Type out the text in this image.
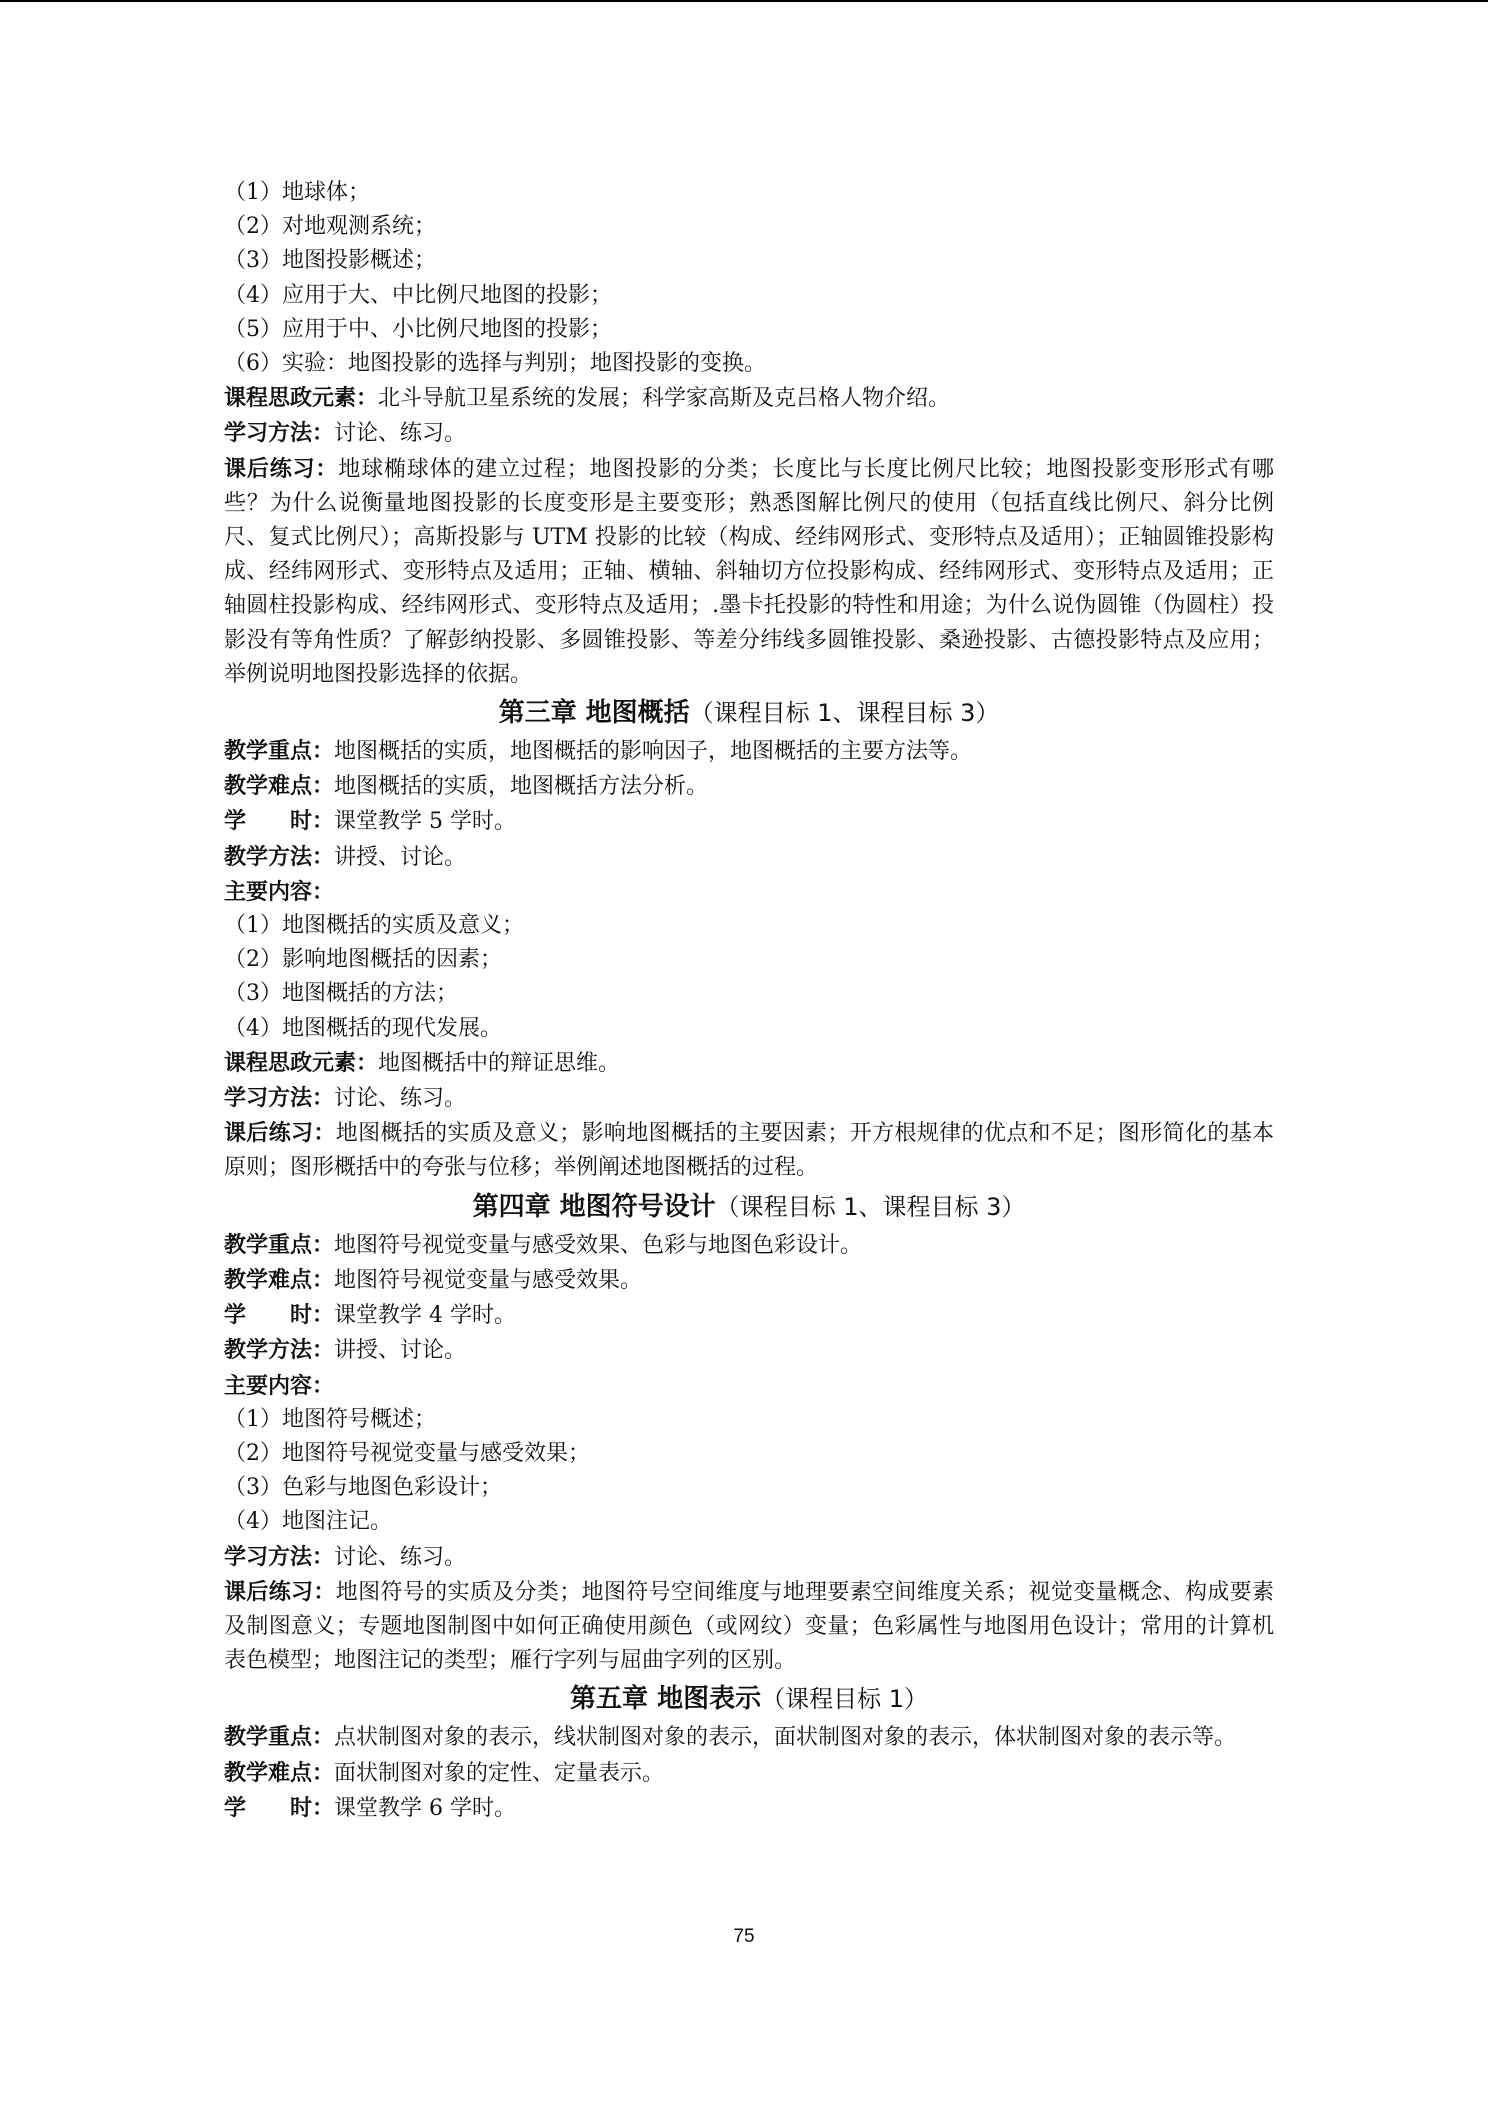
（1）地球体；
（2）对地观测系统；
（3）地图投影概述；
（4）应用于大、中比例尺地图的投影；
（5）应用于中、小比例尺地图的投影；
（6）实验：地图投影的选择与判别；地图投影的变换。
课程思政元素：北斗导航卫星系统的发展；科学家高斯及克吕格人物介绍。
学习方法：讨论、练习。
课后练习：地球椭球体的建立过程；地图投影的分类；长度比与长度比例尺比较；地图投影变形形式有哪些？为什么说衡量地图投影的长度变形是主要变形；熟悉图解比例尺的使用（包括直线比例尺、斜分比例尺、复式比例尺）；高斯投影与 UTM 投影的比较（构成、经纬网形式、变形特点及适用）；正轴圆锥投影构成、经纬网形式、变形特点及适用；正轴、横轴、斜轴切方位投影构成、经纬网形式、变形特点及适用；正轴圆柱投影构成、经纬网形式、变形特点及适用；.墨卡托投影的特性和用途；为什么说伪圆锥（伪圆柱）投影没有等角性质？了解彭纳投影、多圆锥投影、等差分纬线多圆锥投影、桑逊投影、古德投影特点及应用；举例说明地图投影选择的依据。
第三章 地图概括（课程目标 1、课程目标 3）
教学重点：地图概括的实质，地图概括的影响因子，地图概括的主要方法等。
教学难点：地图概括的实质，地图概括方法分析。
学　　时：课堂教学 5 学时。
教学方法：讲授、讨论。
主要内容：
（1）地图概括的实质及意义；
（2）影响地图概括的因素；
（3）地图概括的方法；
（4）地图概括的现代发展。
课程思政元素：地图概括中的辩证思维。
学习方法：讨论、练习。
课后练习：地图概括的实质及意义；影响地图概括的主要因素；开方根规律的优点和不足；图形简化的基本原则；图形概括中的夸张与位移；举例阐述地图概括的过程。
第四章 地图符号设计（课程目标 1、课程目标 3）
教学重点：地图符号视觉变量与感受效果、色彩与地图色彩设计。
教学难点：地图符号视觉变量与感受效果。
学　　时：课堂教学 4 学时。
教学方法：讲授、讨论。
主要内容：
（1）地图符号概述；
（2）地图符号视觉变量与感受效果；
（3）色彩与地图色彩设计；
（4）地图注记。
学习方法：讨论、练习。
课后练习：地图符号的实质及分类；地图符号空间维度与地理要素空间维度关系；视觉变量概念、构成要素及制图意义；专题地图制图中如何正确使用颜色（或网纹）变量；色彩属性与地图用色设计；常用的计算机表色模型；地图注记的类型；雁行字列与屈曲字列的区别。
第五章 地图表示（课程目标 1）
教学重点：点状制图对象的表示，线状制图对象的表示，面状制图对象的表示，体状制图对象的表示等。
教学难点：面状制图对象的定性、定量表示。
学　　时：课堂教学 6 学时。
75
